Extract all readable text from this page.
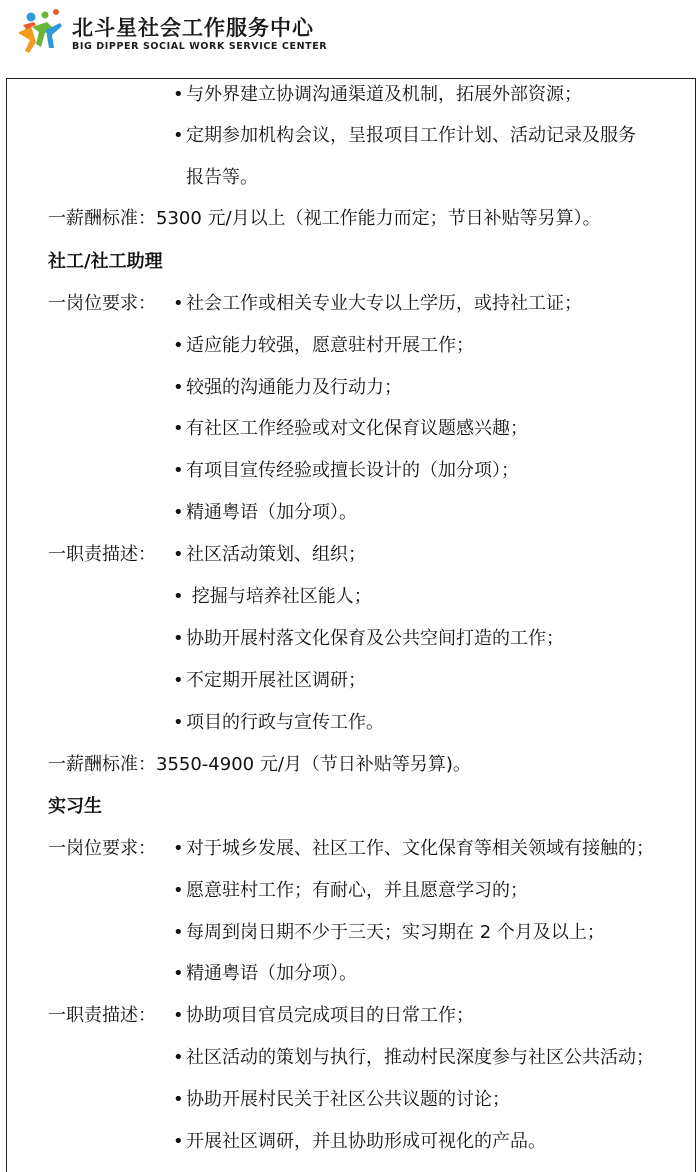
北斗星社会工作服务中心
BIG DIPPER SOCIAL WORK SERVICE CENTER
• 与外界建立协调沟通渠道及机制，拓展外部资源；
• 定期参加机构会议，呈报项目工作计划、活动记录及服务
报告等。
一薪酬标准：5300 元/月以上（视工作能力而定；节日补贴等另算）。
社工/社工助理
一岗位要求： • 社会工作或相关专业大专以上学历，或持社工证；
• 适应能力较强，愿意驻村开展工作；
• 较强的沟通能力及行动力；
• 有社区工作经验或对文化保育议题感兴趣；
• 有项目宣传经验或擅长设计的（加分项）；
• 精通粤语（加分项）。
一职责描述： • 社区活动策划、组织；
• 挖掘与培养社区能人；
• 协助开展村落文化保育及公共空间打造的工作；
• 不定期开展社区调研；
• 项目的行政与宣传工作。
一薪酬标准：3550-4900 元/月（节日补贴等另算)。
实习生
一岗位要求： • 对于城乡发展、社区工作、文化保育等相关领域有接触的；
• 愿意驻村工作；有耐心，并且愿意学习的；
• 每周到岗日期不少于三天；实习期在 2 个月及以上；
• 精通粤语（加分项）。
一职责描述： • 协助项目官员完成项目的日常工作；
• 社区活动的策划与执行，推动村民深度参与社区公共活动；
• 协助开展村民关于社区公共议题的讨论；
• 开展社区调研，并且协助形成可视化的产品。
